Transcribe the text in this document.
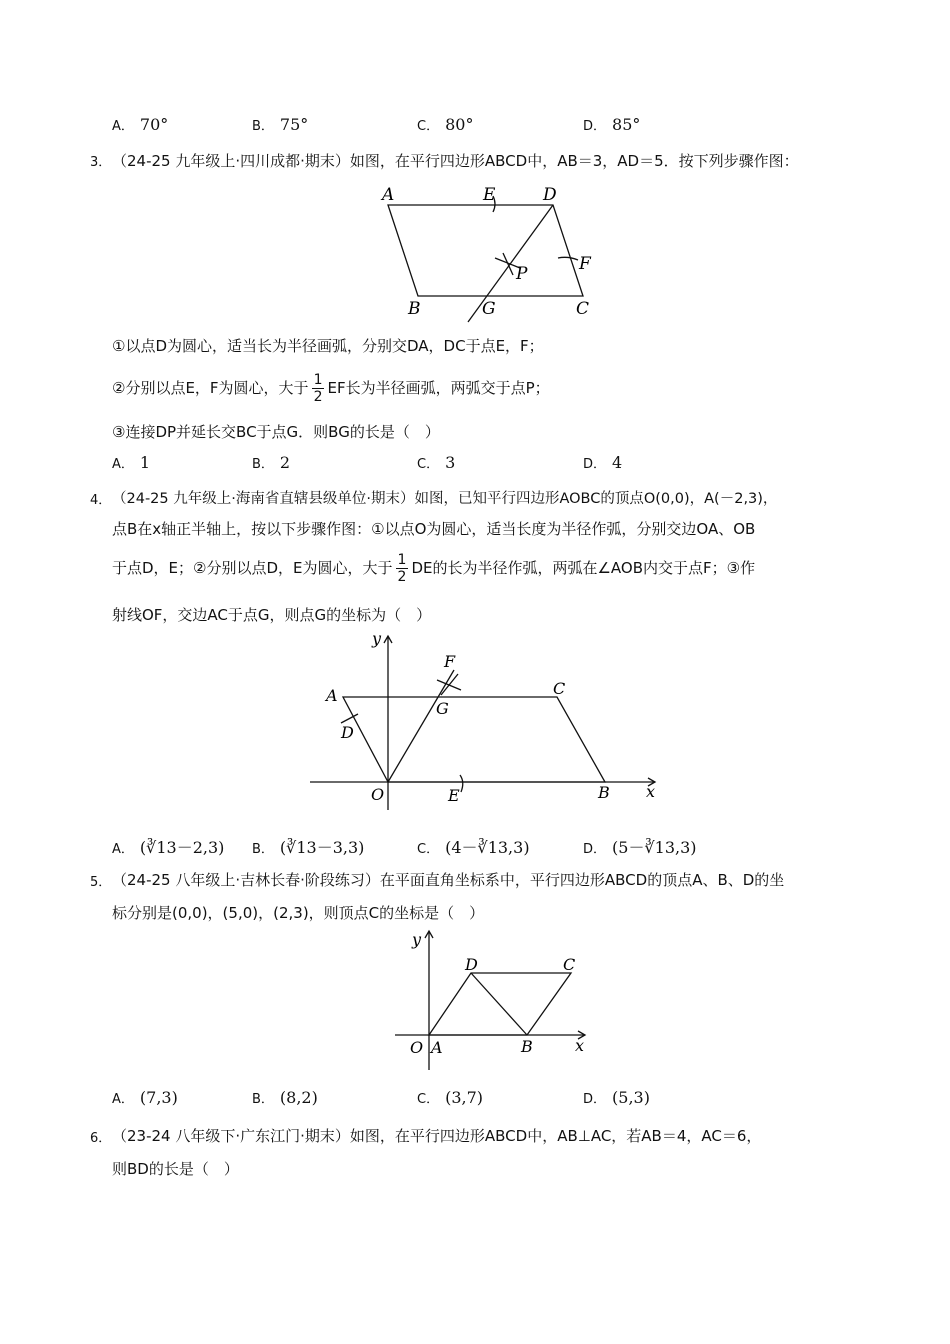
A． 70°	B． 75°	C． 80°	D． 85°
3． （24-25 九年级上·四川成都·期末）如图，在平行四边形ABCD中，AB＝3，AD＝5．按下列步骤作图：
A	E	D
F
P
B	G	C
①以点D为圆心，适当长为半径画弧，分别交DA，DC于点E，F；
②分别以点E，F为圆心，大于 $\frac{1}{2}$ EF长为半径画弧，两弧交于点P；
③连接DP并延长交BC于点G．则BG的长是（　）
A． 1	B． 2	C． 3	D． 4
4． （24-25 九年级上·海南省直辖县级单位·期末）如图，已知平行四边形AOBC的顶点O(0,0)，A(－2,3)，
点B在x轴正半轴上，按以下步骤作图：①以点O为圆心，适当长度为半径作弧，分别交边OA、OB
于点D，E；②分别以点D，E为圆心，大于 $\frac{1}{2}$ DE的长为半径作弧，两弧在∠AOB内交于点F；③作
射线OF，交边AC于点G，则点G的坐标为（　）
y
F
A
G
C
D
O	E	B x
A． (∛13－2,3) B． (∛13－3,3)	C． (4－∛13,3)	D． (5－∛13,3)
5． （24-25 八年级上·吉林长春·阶段练习）在平面直角坐标系中，平行四边形ABCD的顶点A、B、D的坐
标分别是(0,0)，(5,0)，(2,3)，则顶点C的坐标是（　）
y
D	C
O A	B	x
A． (7,3)	B． (8,2)	C． (3,7)	D． (5,3)
6． （23-24 八年级下·广东江门·期末）如图，在平行四边形ABCD中，AB⊥AC，若AB＝4，AC＝6，
则BD的长是（　）
